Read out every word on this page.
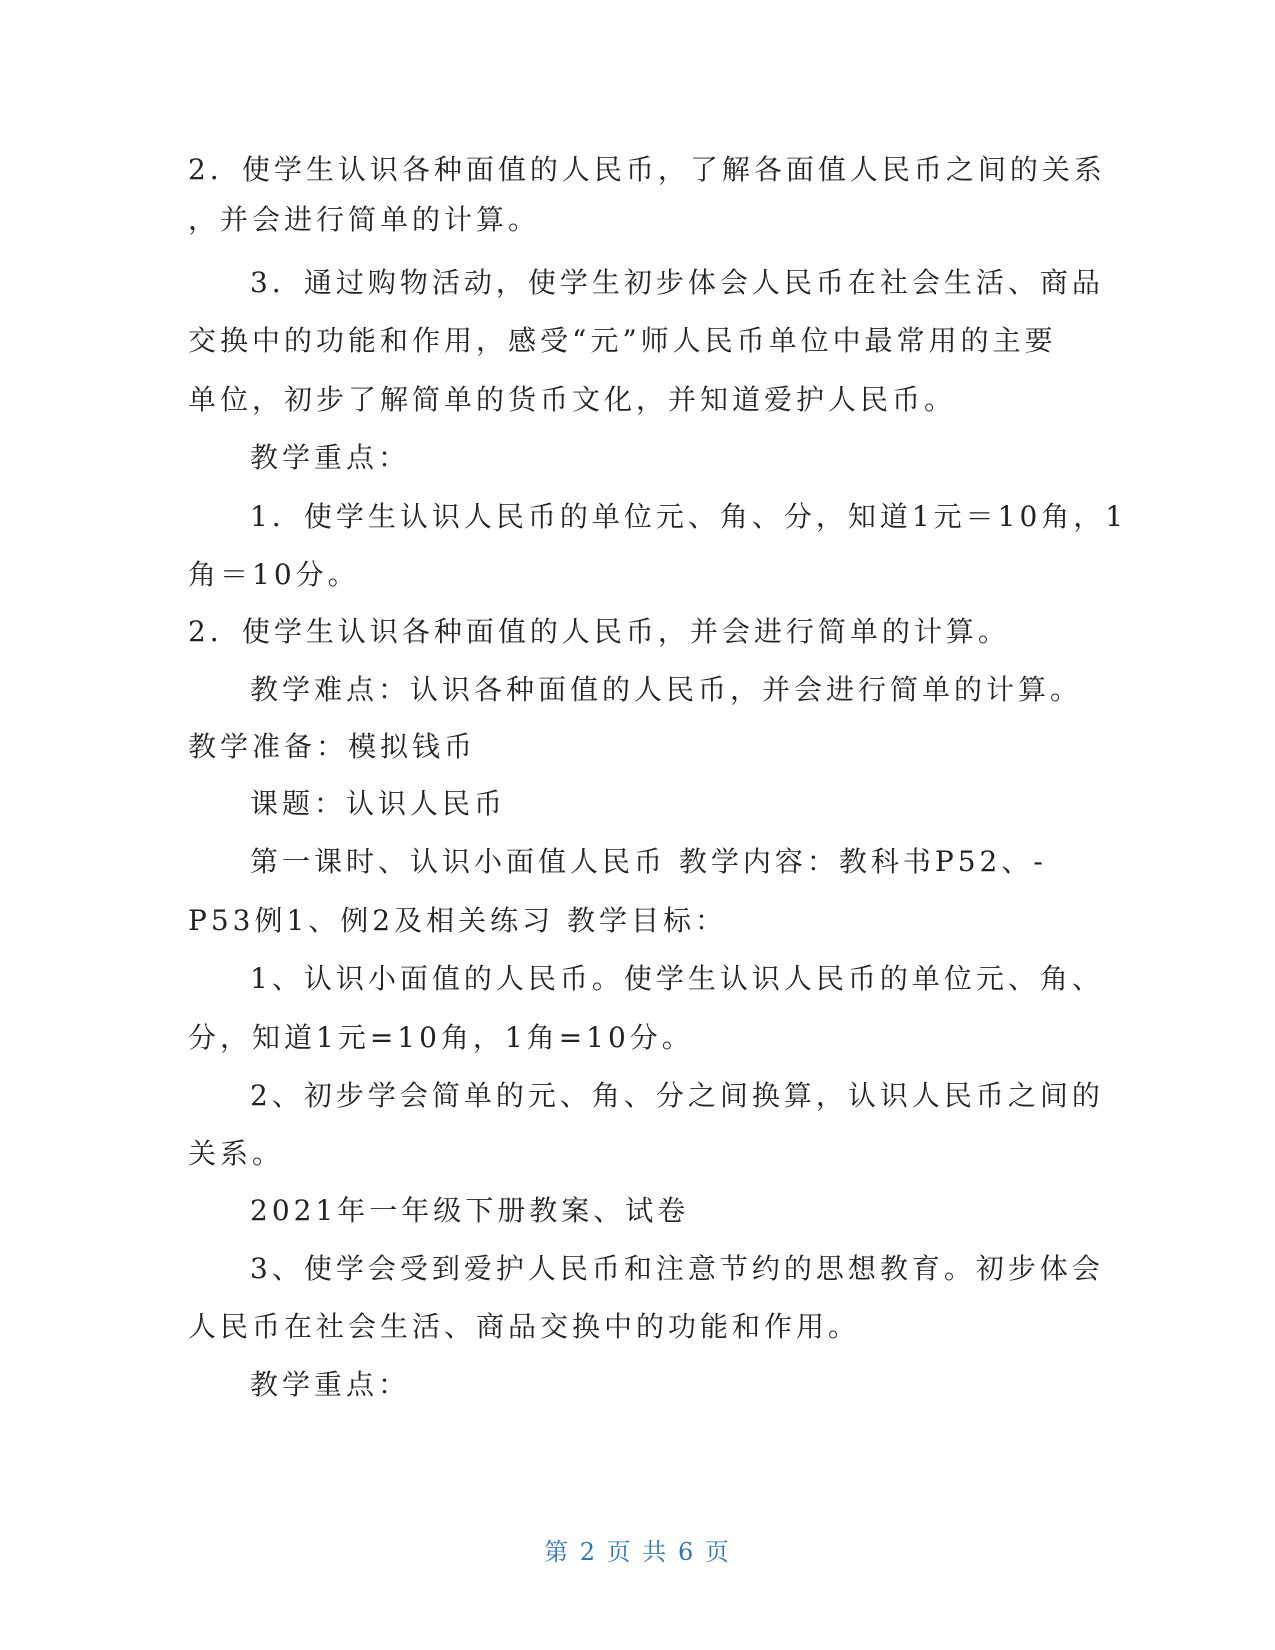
2．使学生认识各种面值的人民币，了解各面值人民币之间的关系
，并会进行简单的计算。
3．通过购物活动，使学生初步体会人民币在社会生活、商品
交换中的功能和作用，感受“元”师人民币单位中最常用的主要
单位，初步了解简单的货币文化，并知道爱护人民币。
教学重点：
1．使学生认识人民币的单位元、角、分，知道1元＝10角，1
角＝10分。
2．使学生认识各种面值的人民币，并会进行简单的计算。
教学难点：认识各种面值的人民币，并会进行简单的计算。
教学准备：模拟钱币
课题：认识人民币
第一课时、认识小面值人民币 教学内容：教科书P52、-
P53例1、例2及相关练习 教学目标：
1、认识小面值的人民币。使学生认识人民币的单位元、角、
分，知道1元=10角，1角=10分。
2、初步学会简单的元、角、分之间换算，认识人民币之间的
关系。
2021年一年级下册教案、试卷
3、使学会受到爱护人民币和注意节约的思想教育。初步体会
人民币在社会生活、商品交换中的功能和作用。
教学重点：
第 2 页 共 6 页
